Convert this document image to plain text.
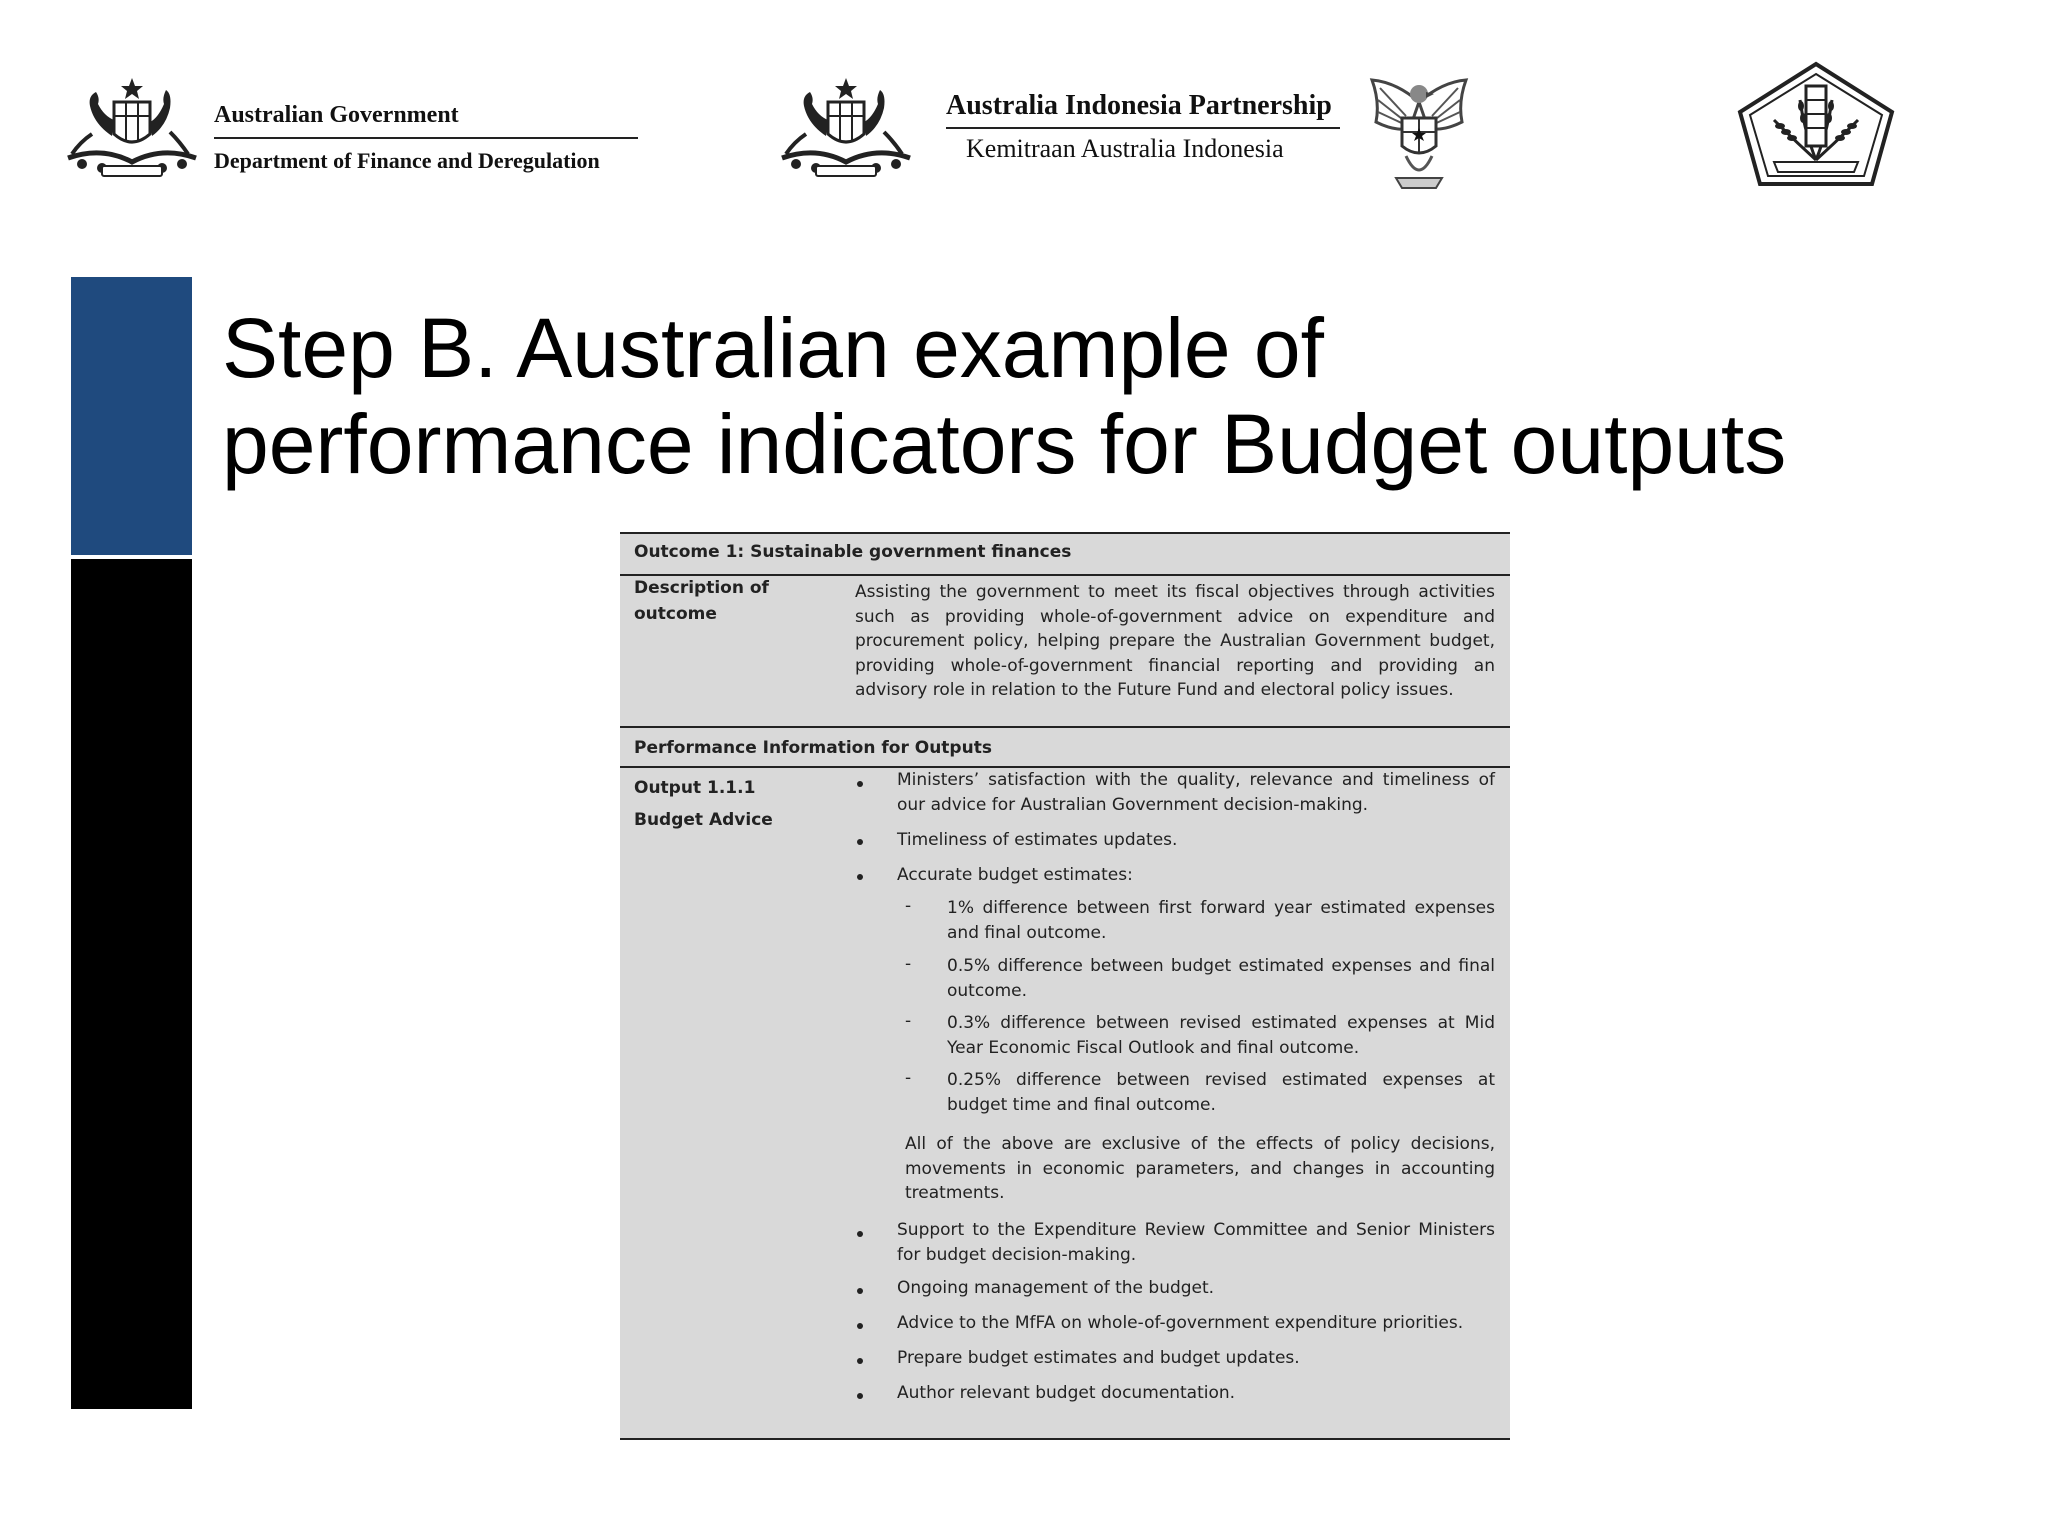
Australian Government
Department of Finance and Deregulation
Australia Indonesia Partnership
Kemitraan Australia Indonesia
Step B. Australian example of
performance indicators for Budget outputs
Outcome 1: Sustainable government finances
Description of
outcome
Assisting the government to meet its fiscal objectives through activities such as providing whole-of-government advice on expenditure and procurement policy, helping prepare the Australian Government budget, providing whole-of-government financial reporting and providing an advisory role in relation to the Future Fund and electoral policy issues.
Performance Information for Outputs
Output 1.1.1
Budget Advice
Ministers’ satisfaction with the quality, relevance and timeliness of our advice for Australian Government decision-making.
Timeliness of estimates updates.
Accurate budget estimates:
- 1% difference between first forward year estimated expenses and final outcome.
- 0.5% difference between budget estimated expenses and final outcome.
- 0.3% difference between revised estimated expenses at Mid Year Economic Fiscal Outlook and final outcome.
- 0.25% difference between revised estimated expenses at budget time and final outcome.
All of the above are exclusive of the effects of policy decisions, movements in economic parameters, and changes in accounting treatments.
Support to the Expenditure Review Committee and Senior Ministers for budget decision-making.
Ongoing management of the budget.
Advice to the MfFA on whole-of-government expenditure priorities.
Prepare budget estimates and budget updates.
Author relevant budget documentation.
